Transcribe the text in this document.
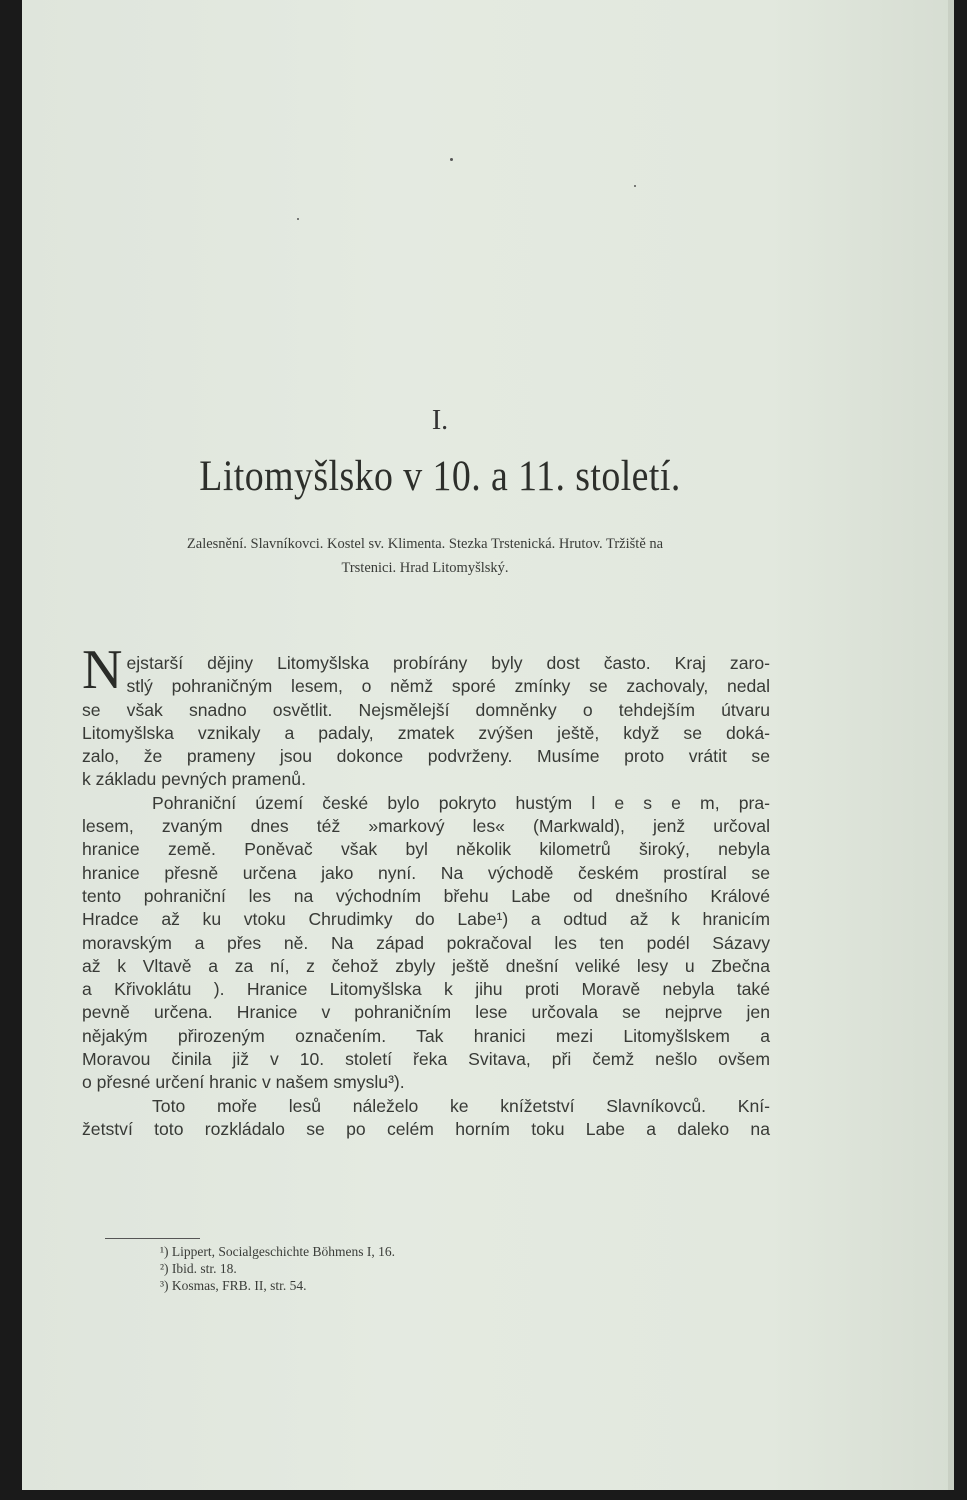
I.
Litomyšlsko v 10. a 11. století.
Zalesnění. Slavníkovci. Kostel sv. Klimenta. Stezka Trstenická. Hrutov. Tržiště na
Trstenici. Hrad Litomyšlský.
N ejstarší dějiny Litomyšlska probírány byly dost často. Kraj zaro-
stlý pohraničným lesem, o němž sporé zmínky se zachovaly, nedal
se však snadno osvětlit. Nejsmělejší domněnky o tehdejším útvaru
Litomyšlska vznikaly a padaly, zmatek zvýšen ještě, když se doká-
zalo, že prameny jsou dokonce podvrženy. Musíme proto vrátit se
k základu pevných pramenů.
Pohraniční území české bylo pokryto hustým l e s e m, pra-
lesem, zvaným dnes též »markový les« (Markwald), jenž určoval
hranice země. Poněvač však byl několik kilometrů široký, nebyla
hranice přesně určena jako nyní. Na východě českém prostíral se
tento pohraniční les na východním břehu Labe od dnešního Králové
Hradce až ku vtoku Chrudimky do Labe¹) a odtud až k hranicím
moravským a přes ně. Na západ pokračoval les ten podél Sázavy
až k Vltavě a za ní, z čehož zbyly ještě dnešní veliké lesy u Zbečna
a Křivoklátu ). Hranice Litomyšlska k jihu proti Moravě nebyla také
pevně určena. Hranice v pohraničním lese určovala se nejprve jen
nějakým přirozeným označením. Tak hranici mezi Litomyšlskem a
Moravou činila již v 10. století řeka Svitava, při čemž nešlo ovšem
o přesné určení hranic v našem smyslu³).
Toto moře lesů náleželo ke knížetství Slavníkovců. Kní-
žetství toto rozkládalo se po celém horním toku Labe a daleko na
¹) Lippert, Socialgeschichte Böhmens I, 16.
²) Ibid. str. 18.
³) Kosmas, FRB. II, str. 54.
